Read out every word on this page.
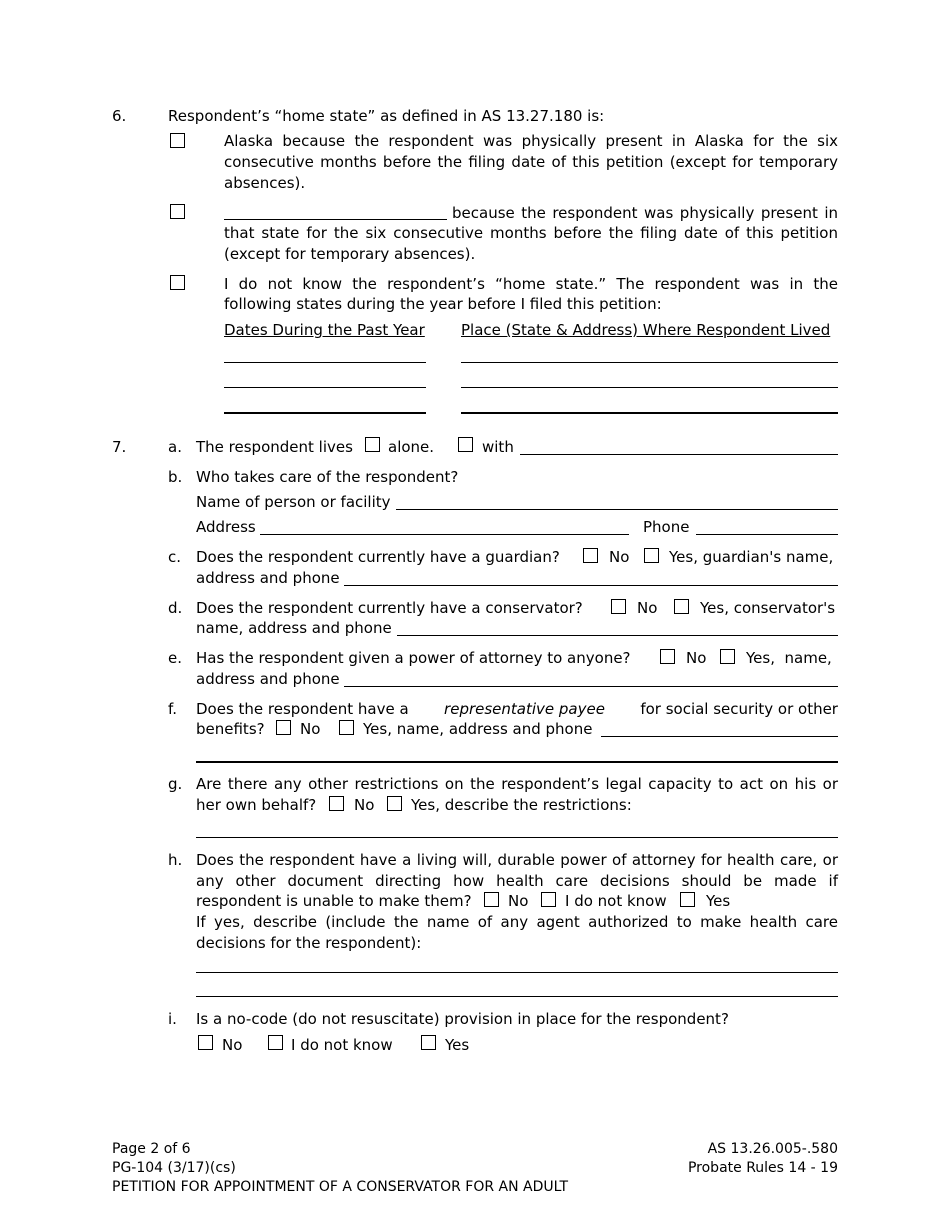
6.	Respondent’s “home state” as defined in AS 13.27.180 is:
Alaska because the respondent was physically present in Alaska for the six
consecutive months before the filing date of this petition (except for temporary
absences).
because the respondent was physically present in
that state for the six consecutive months before the filing date of this petition
(except for temporary absences).
I do not know the respondent’s “home state.” The respondent was in the
following states during the year before I filed this petition:
Dates During the Past Year Place (State & Address) Where Respondent Lived
7.	a. The respondent lives alone.	with
b. Who takes care of the respondent?
Name of person or facility
Address	Phone
c. Does the respondent currently have a guardian?	No	Yes, guardian's name,
address and phone
d. Does the respondent currently have a conservator?	No	Yes, conservator's
name, address and phone
e. Has the respondent given a power of attorney to anyone?	No	Yes,  name,
address and phone
f. Does the respondent have a representative payee for social security or other
benefits? No	Yes, name, address and phone
g. Are there any other restrictions on the respondent’s legal capacity to act on his or
her own behalf?	No Yes, describe the restrictions:
h. Does the respondent have a living will, durable power of attorney for health care, or
any other document directing how health care decisions should be made if
respondent is unable to make them? No I do not know	Yes
If yes, describe (include the name of any agent authorized to make health care
decisions for the respondent):
i. Is a no-code (do not resuscitate) provision in place for the respondent?
No	I do not know	Yes
Page 2 of 6
PG-104 (3/17)(cs)
PETITION FOR APPOINTMENT OF A CONSERVATOR FOR AN ADULT
AS 13.26.005-.580
Probate Rules 14 - 19
